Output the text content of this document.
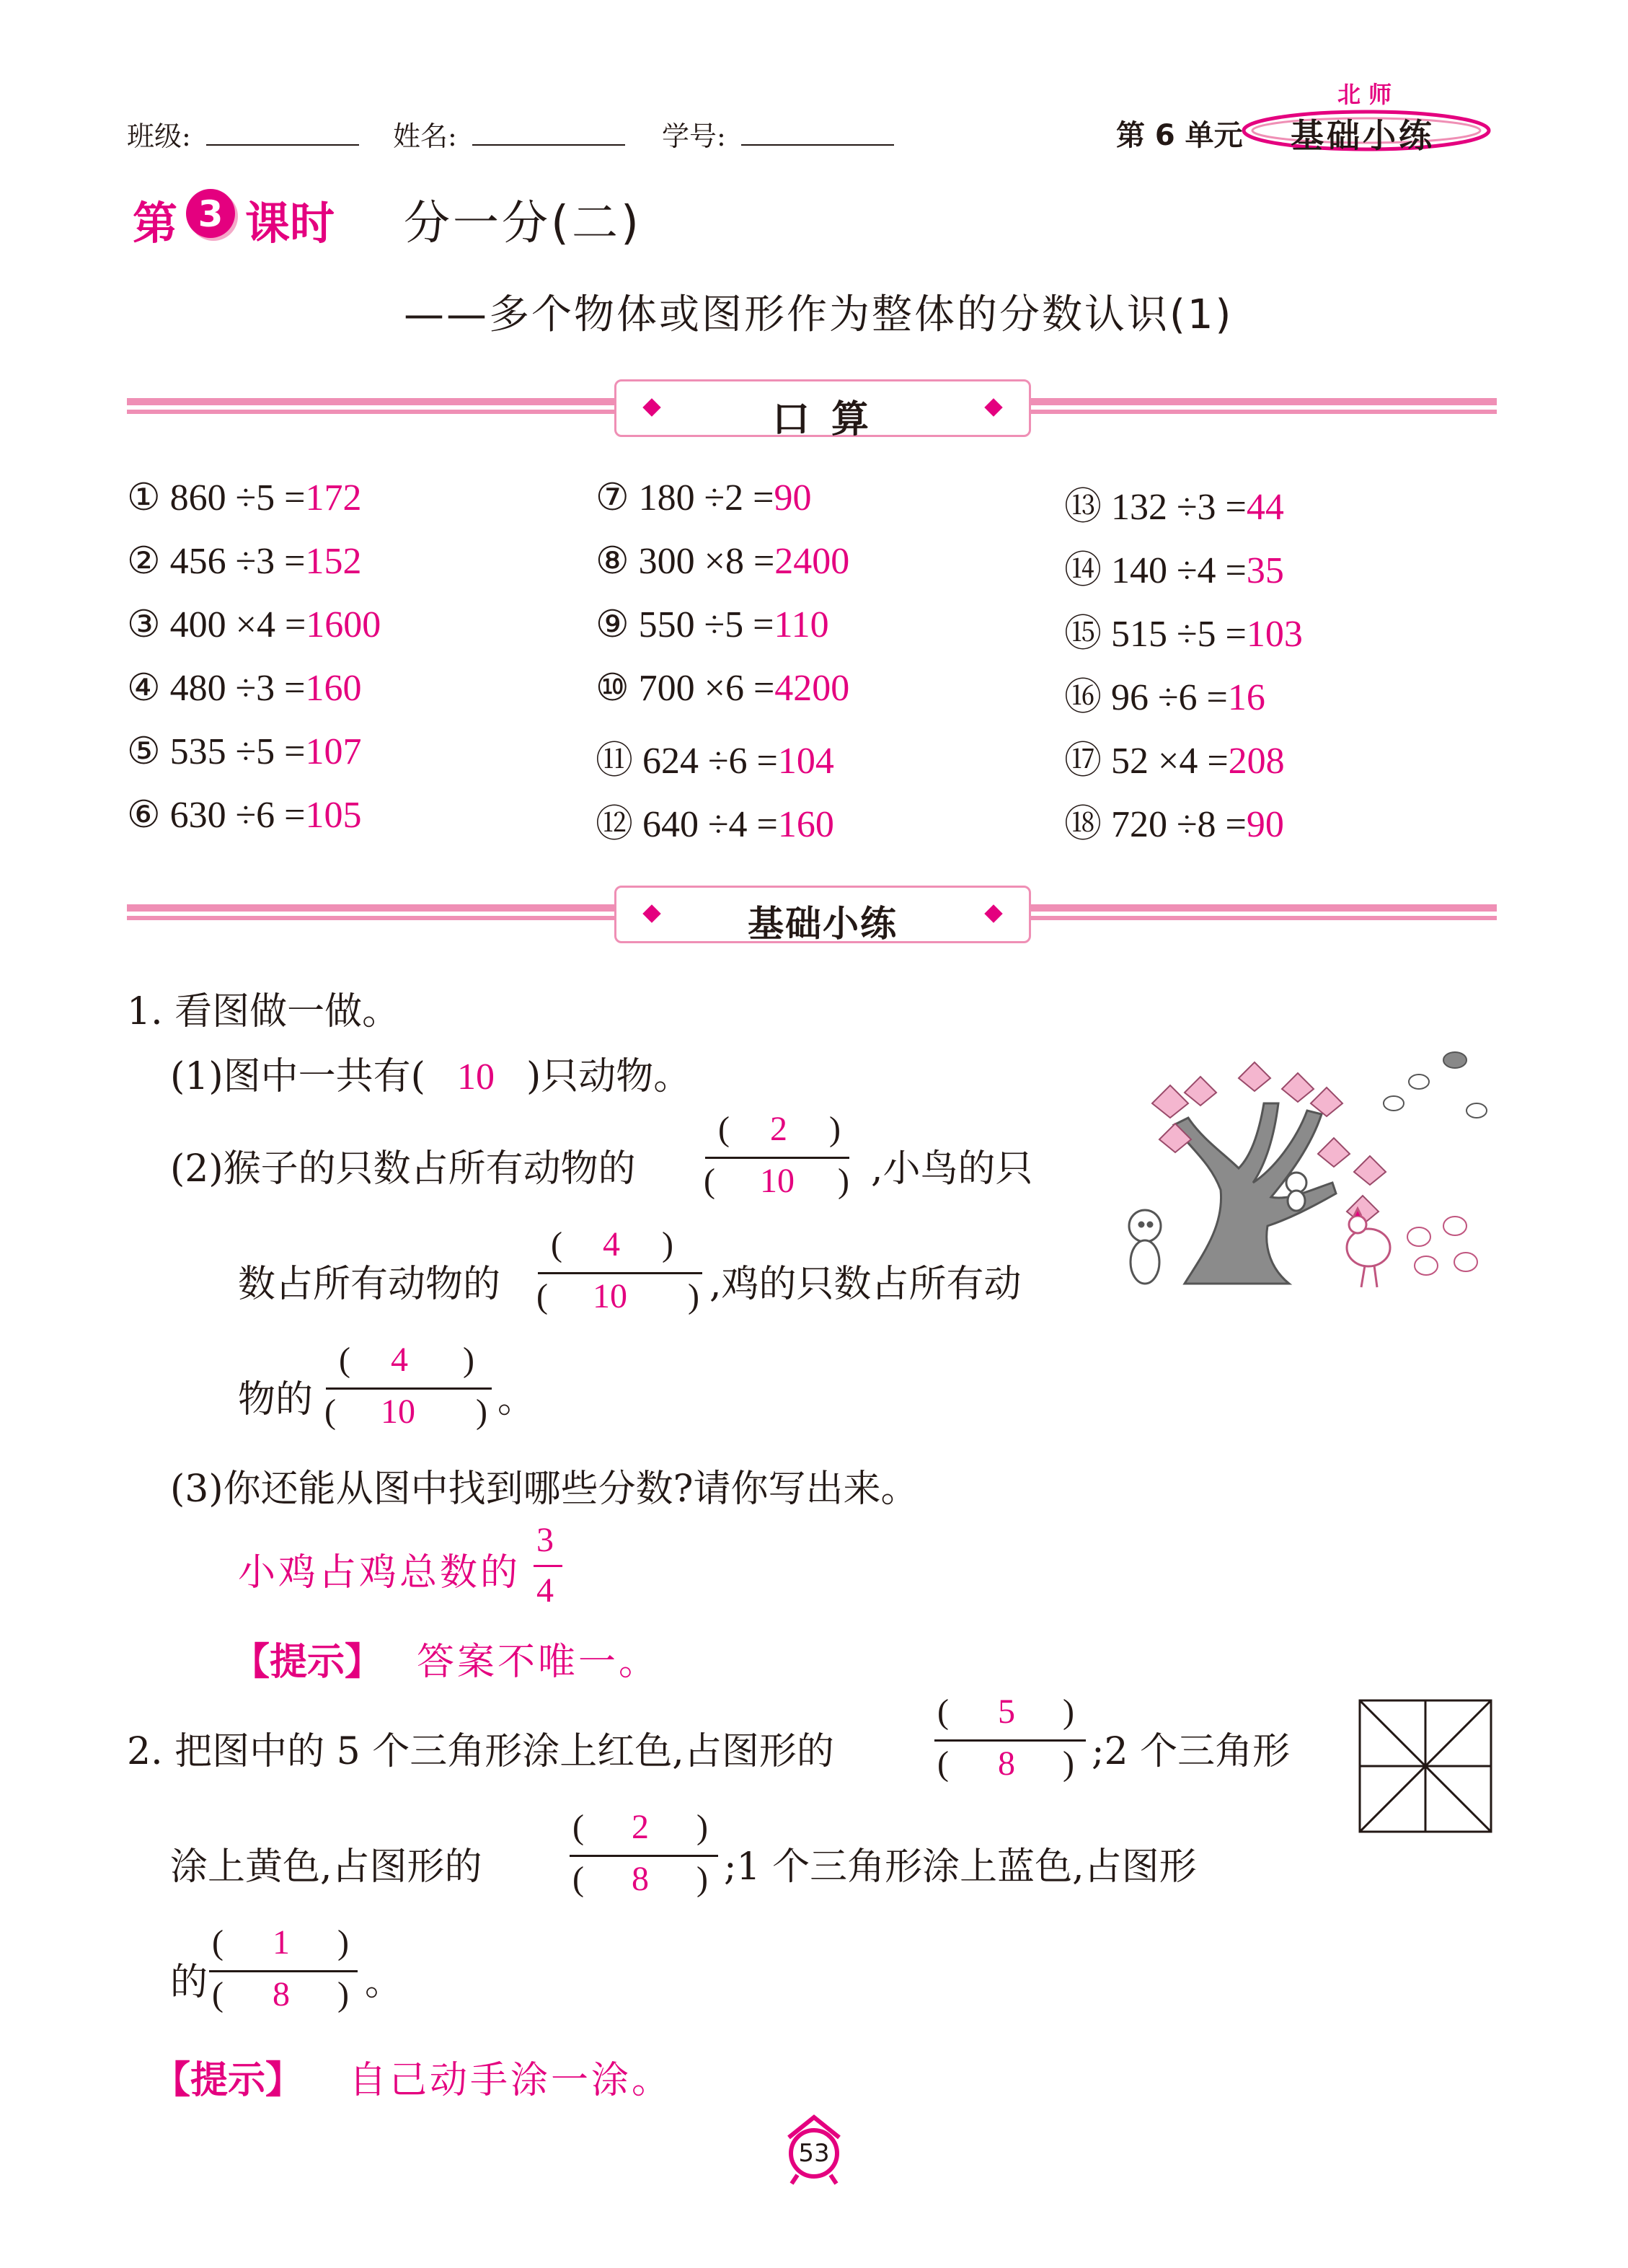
班级:	姓名:	学号:	第 6 单元
北 师
基础小练
第 3 课时 分一分(二)
——多个物体或图形作为整体的分数认识(1)
口 算
① 860 ÷5 =172
② 456 ÷3 =152
③ 400 ×4 =1600
④ 480 ÷3 =160
⑤ 535 ÷5 =107
⑥ 630 ÷6 =105
⑦ 180 ÷2 =90
⑧ 300 ×8 =2400
⑨ 550 ÷5 =110
⑩ 700 ×6 =4200
⑪ 624 ÷6 =104
⑫ 640 ÷4 =160
⑬ 132 ÷3 =44
⑭ 140 ÷4 =35
⑮ 515 ÷5 =103
⑯ 96 ÷6 =16
⑰ 52 ×4 =208
⑱ 720 ÷8 =90
基础小练
1. 看图做一做。
(1)图中一共有( 10 )只动物。
(2)猴子的只数占所有动物的
( 2 )
( 10 ) ,小鸟的只
数占所有动物的
( 4 )
( 10 ) ,鸡的只数占所有动
物的
( 4 )
( 10 ) 。
(3)你还能从图中找到哪些分数?请你写出来。
小鸡占鸡总数的
3
4
【提示】 答案不唯一。
2. 把图中的 5 个三角形涂上红色,占图形的
( 5 )
( 8 ) ;2 个三角形
涂上黄色,占图形的
( 2 )
( 8 ) ;1 个三角形涂上蓝色,占图形
的
( 1 )
( 8 ) 。
【提示】 自己动手涂一涂。
53
